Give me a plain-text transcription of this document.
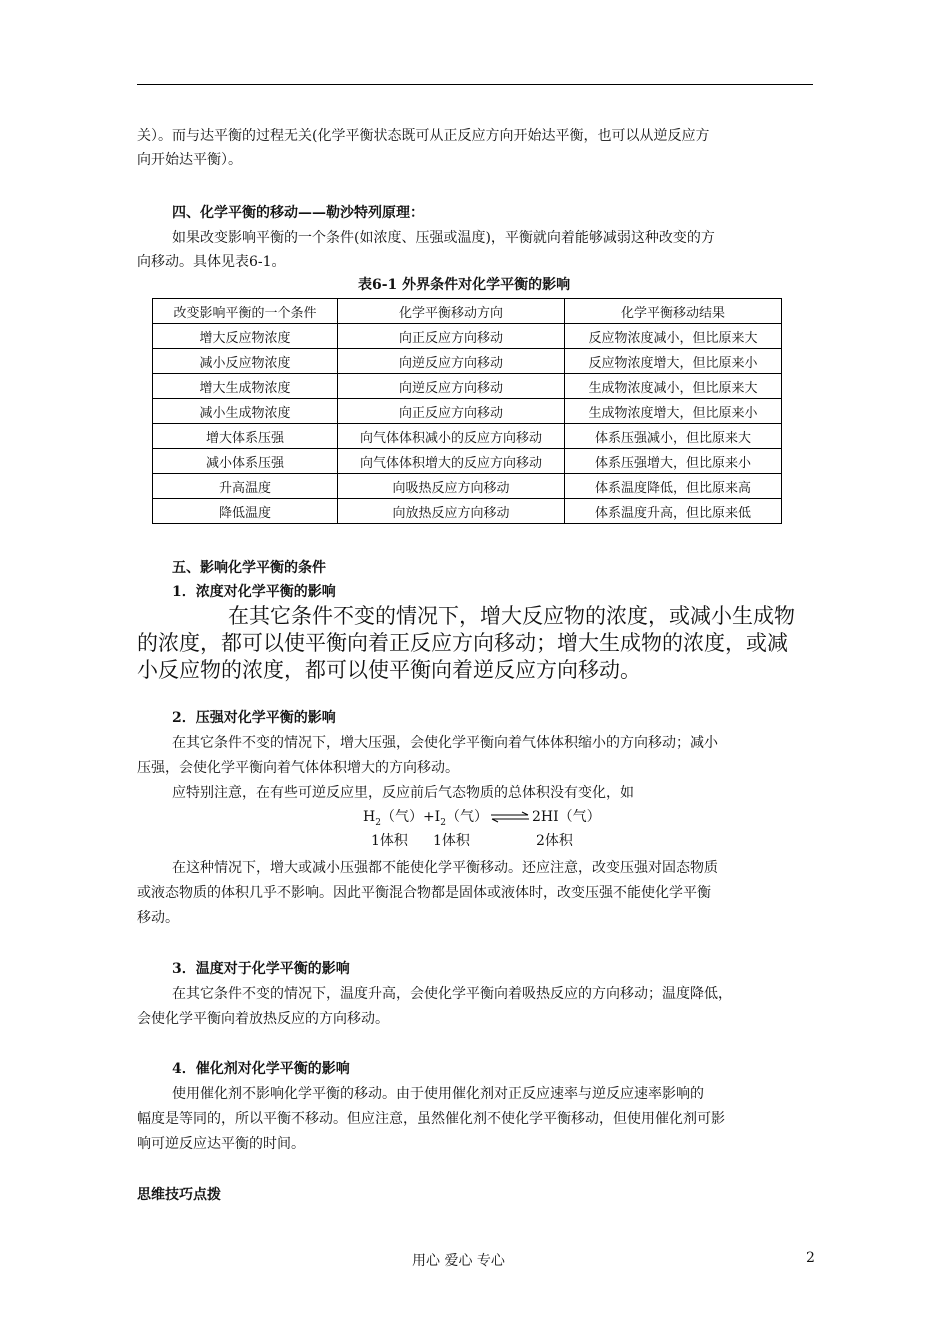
关）。而与达平衡的过程无关(化学平衡状态既可从正反应方向开始达平衡，也可以从逆反应方
向开始达平衡）。
四、化学平衡的移动——勒沙特列原理：
如果改变影响平衡的一个条件(如浓度、压强或温度)，平衡就向着能够减弱这种改变的方
向移动。具体见表6-1。
表6-1 外界条件对化学平衡的影响
改变影响平衡的一个条件	化学平衡移动方向	化学平衡移动结果
增大反应物浓度	向正反应方向移动	反应物浓度减小，但比原来大
减小反应物浓度	向逆反应方向移动	反应物浓度增大，但比原来小
增大生成物浓度	向逆反应方向移动	生成物浓度减小，但比原来大
减小生成物浓度	向正反应方向移动	生成物浓度增大，但比原来小
增大体系压强	向气体体积减小的反应方向移动	体系压强减小，但比原来大
减小体系压强	向气体体积增大的反应方向移动	体系压强增大，但比原来小
升高温度	向吸热反应方向移动	体系温度降低，但比原来高
降低温度	向放热反应方向移动	体系温度升高，但比原来低
五、影响化学平衡的条件
1．浓度对化学平衡的影响
在其它条件不变的情况下，增大反应物的浓度，或减小生成物
的浓度，都可以使平衡向着正反应方向移动；增大生成物的浓度，或减
小反应物的浓度，都可以使平衡向着逆反应方向移动。
2．压强对化学平衡的影响
在其它条件不变的情况下，增大压强，会使化学平衡向着气体体积缩小的方向移动；减小
压强，会使化学平衡向着气体体积增大的方向移动。
应特别注意，在有些可逆反应里，反应前后气态物质的总体积没有变化，如
$H_2$（气）$+I_2$（气） ⇌ 2HI（气）
1体积 1体积	2体积
在这种情况下，增大或减小压强都不能使化学平衡移动。还应注意，改变压强对固态物质
或液态物质的体积几乎不影响。因此平衡混合物都是固体或液体时，改变压强不能使化学平衡
移动。
3．温度对于化学平衡的影响
在其它条件不变的情况下，温度升高，会使化学平衡向着吸热反应的方向移动；温度降低，
会使化学平衡向着放热反应的方向移动。
4．催化剂对化学平衡的影响
使用催化剂不影响化学平衡的移动。由于使用催化剂对正反应速率与逆反应速率影响的
幅度是等同的，所以平衡不移动。但应注意，虽然催化剂不使化学平衡移动，但使用催化剂可影
响可逆反应达平衡的时间。
思维技巧点拨
用心 爱心 专心	2
